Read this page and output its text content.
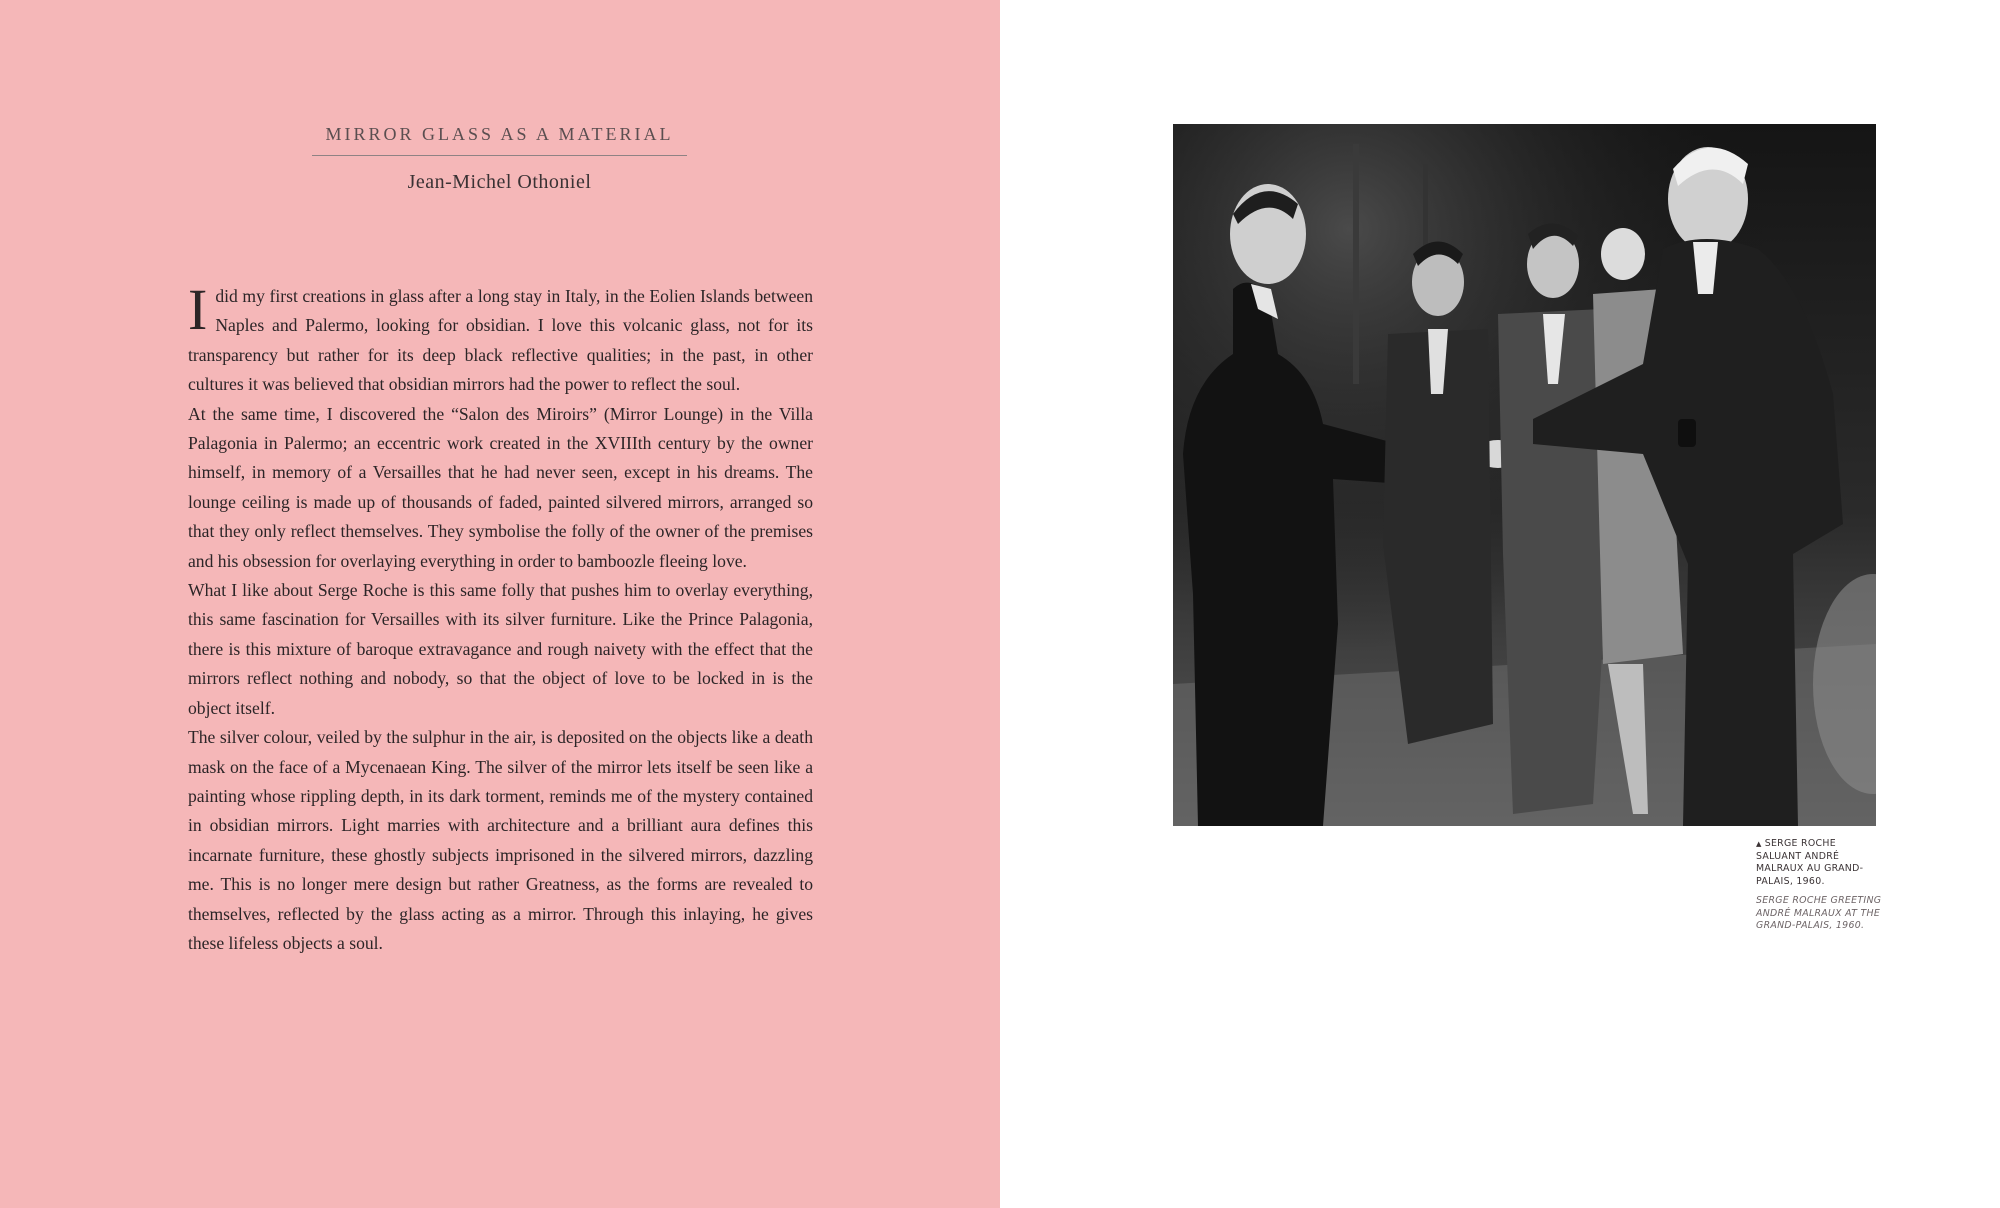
MIRROR GLASS AS A MATERIAL
Jean-Michel Othoniel

I did my first creations in glass after a long stay in Italy, in the Eolien Islands between Naples and Palermo, looking for obsidian. I love this volcanic glass, not for its transparency but rather for its deep black reflective qualities; in the past, in other cultures it was believed that obsidian mirrors had the power to reflect the soul.

At the same time, I discovered the “Salon des Miroirs” (Mirror Lounge) in the Villa Palagonia in Palermo; an eccentric work created in the XVIIIth century by the owner himself, in memory of a Versailles that he had never seen, except in his dreams. The lounge ceiling is made up of thousands of faded, painted silvered mirrors, arranged so that they only reflect themselves. They symbolise the folly of the owner of the premises and his obsession for overlaying everything in order to bamboozle fleeing love.

What I like about Serge Roche is this same folly that pushes him to overlay everything, this same fascination for Versailles with its silver furniture. Like the Prince Palagonia, there is this mixture of baroque extravagance and rough naivety with the effect that the mirrors reflect nothing and nobody, so that the object of love to be locked in is the object itself.

The silver colour, veiled by the sulphur in the air, is deposited on the objects like a death mask on the face of a Mycenaean King. The silver of the mirror lets itself be seen like a painting whose rippling depth, in its dark torment, reminds me of the mystery contained in obsidian mirrors. Light marries with architecture and a brilliant aura defines this incarnate furniture, these ghostly subjects imprisoned in the silvered mirrors, dazzling me. This is no longer mere design but rather Greatness, as the forms are revealed to themselves, reflected by the glass acting as a mirror. Through this inlaying, he gives these lifeless objects a soul.

▲ SERGE ROCHE SALUANT ANDRÉ MALRAUX AU GRAND-PALAIS, 1960.
SERGE ROCHE GREETING ANDRÉ MALRAUX AT THE GRAND-PALAIS, 1960.
